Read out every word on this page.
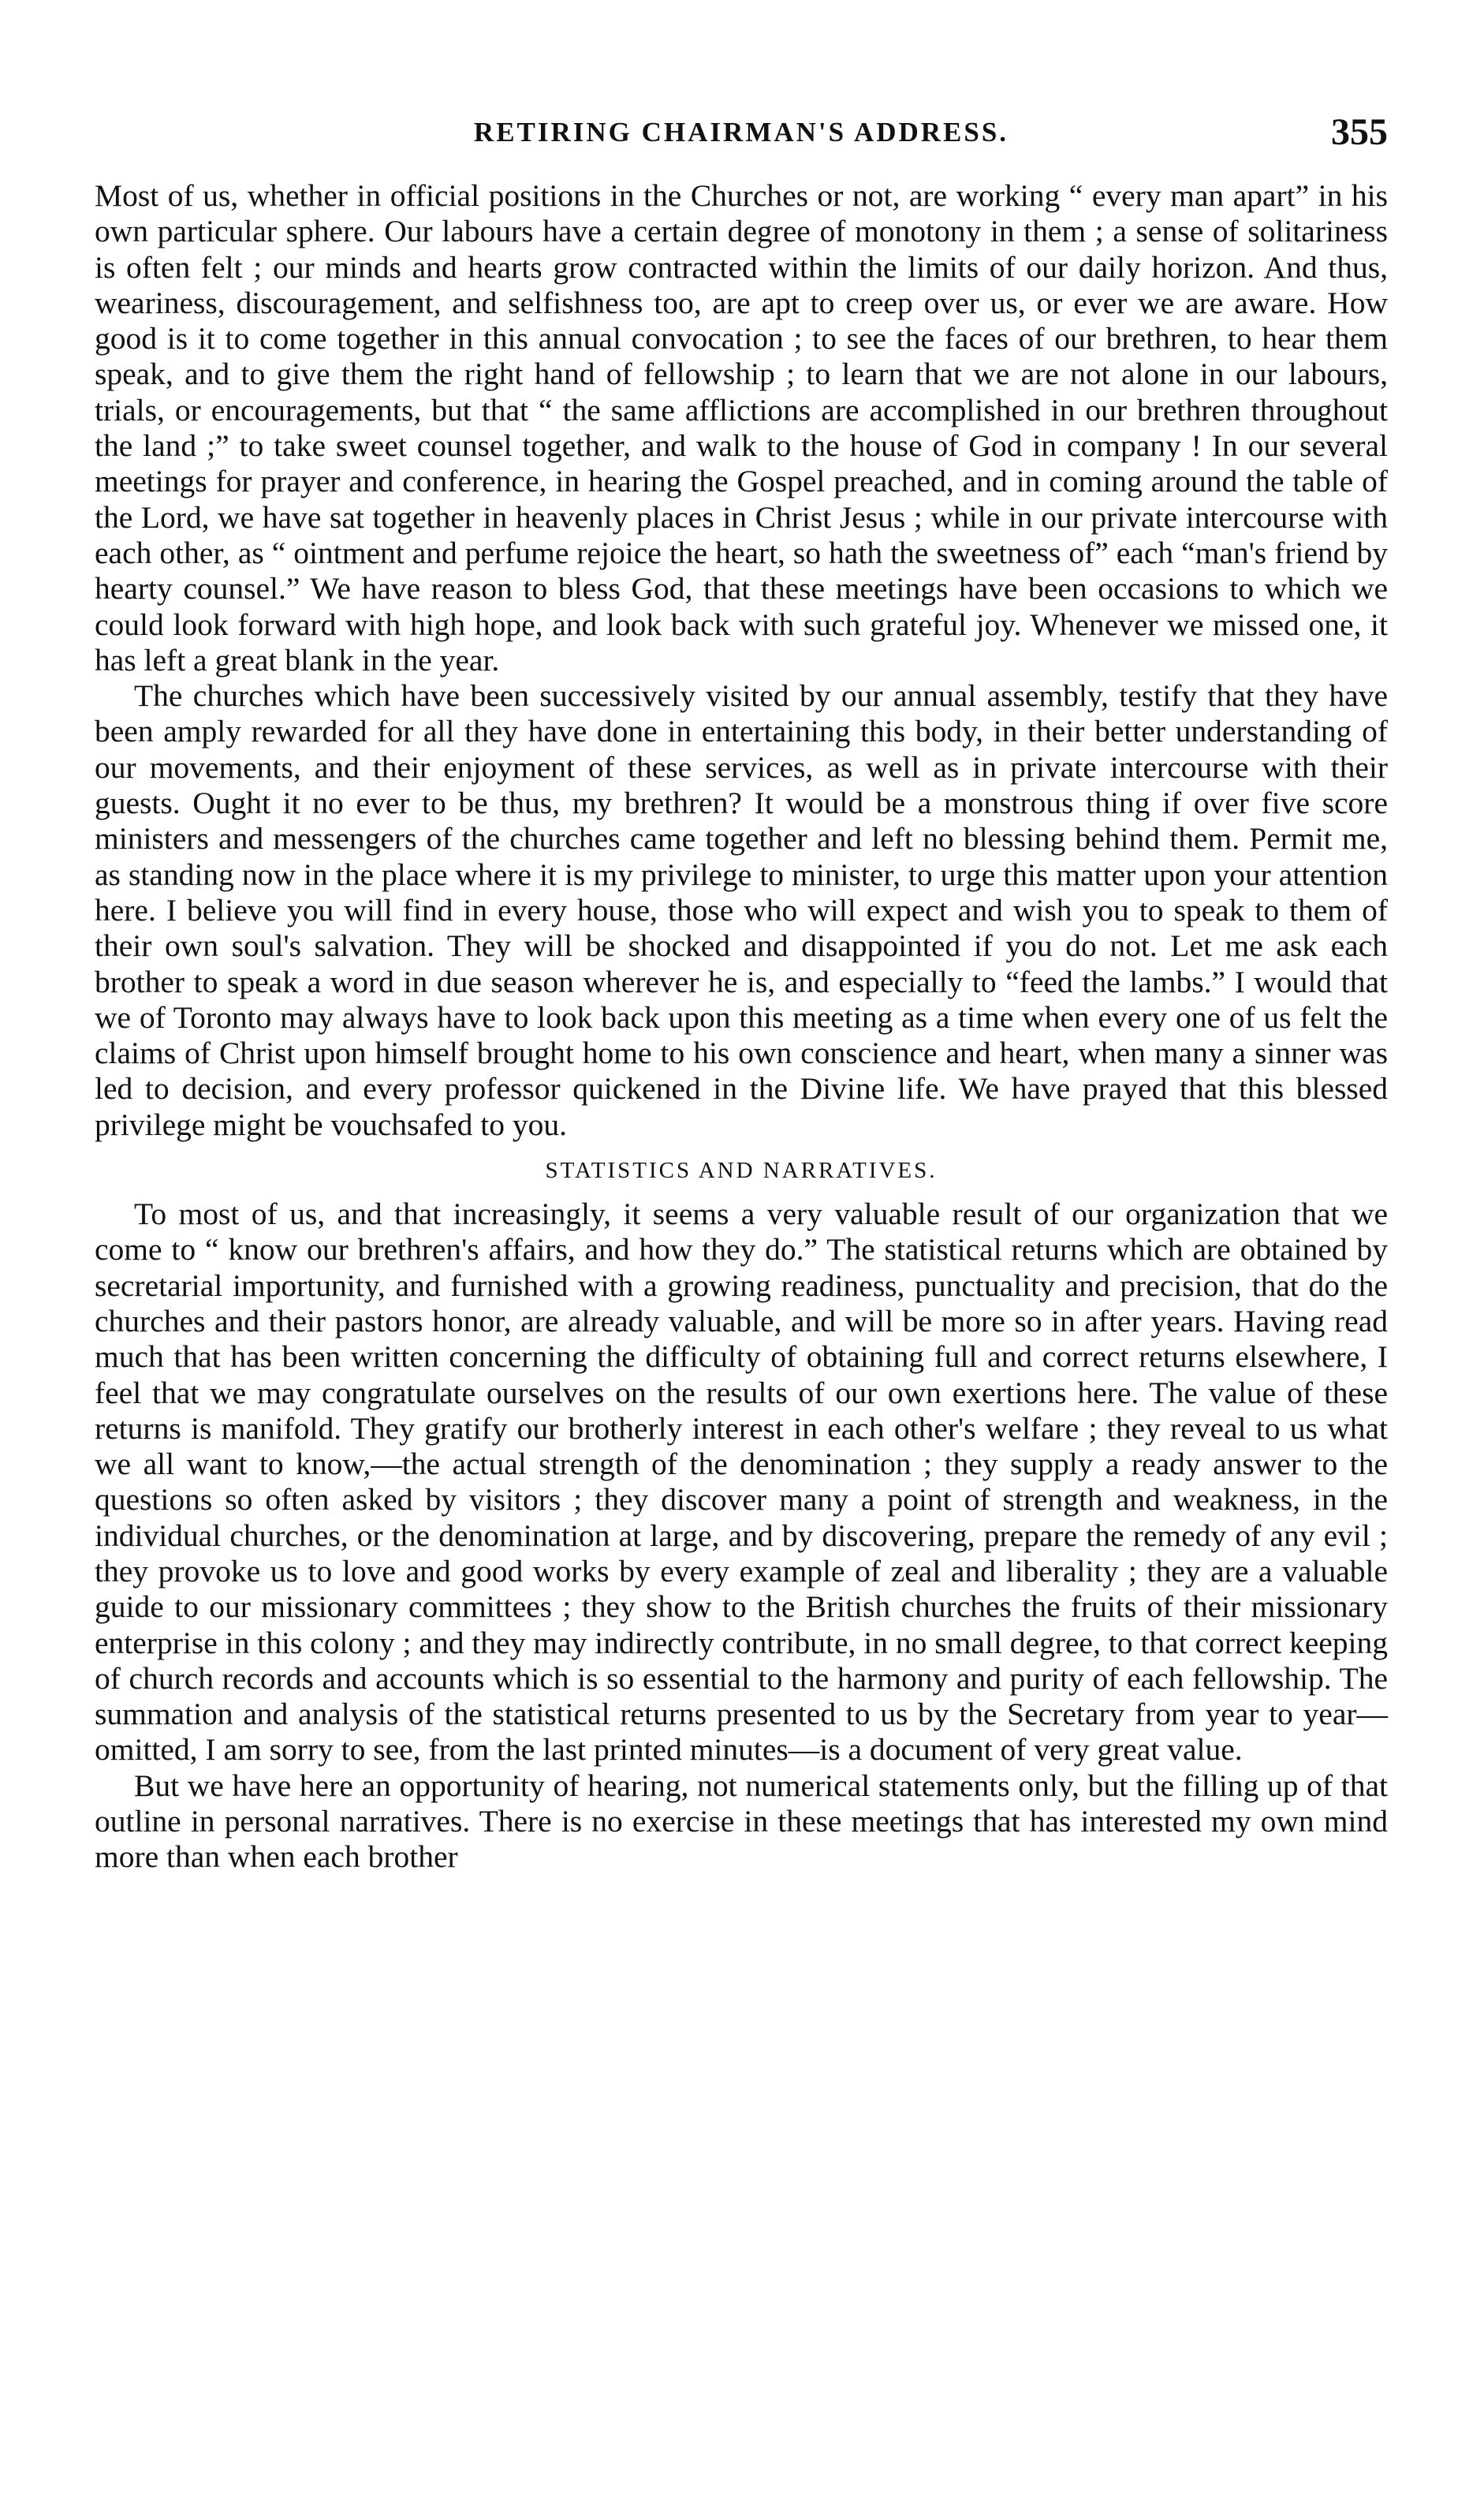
RETIRING CHAIRMAN'S ADDRESS.	355

Most of us, whether in official positions in the Churches or not, are working “ every man apart” in his own particular sphere. Our labours have a certain degree of monotony in them ; a sense of solitariness is often felt ; our minds and hearts grow contracted within the limits of our daily horizon. And thus, weariness, discouragement, and selfishness too, are apt to creep over us, or ever we are aware. How good is it to come together in this annual convocation ; to see the faces of our brethren, to hear them speak, and to give them the right hand of fellowship ; to learn that we are not alone in our labours, trials, or encouragements, but that “ the same afflictions are accomplished in our brethren throughout the land ;” to take sweet counsel together, and walk to the house of God in company ! In our several meetings for prayer and conference, in hearing the Gospel preached, and in coming around the table of the Lord, we have sat together in heavenly places in Christ Jesus ; while in our private intercourse with each other, as “ ointment and perfume rejoice the heart, so hath the sweetness of” each “man's friend by hearty counsel.” We have reason to bless God, that these meetings have been occasions to which we could look forward with high hope, and look back with such grateful joy. Whenever we missed one, it has left a great blank in the year.

The churches which have been successively visited by our annual assembly, testify that they have been amply rewarded for all they have done in entertaining this body, in their better understanding of our movements, and their enjoyment of these services, as well as in private intercourse with their guests. Ought it no ever to be thus, my brethren? It would be a monstrous thing if over five score ministers and messengers of the churches came together and left no blessing behind them. Permit me, as standing now in the place where it is my privilege to minister, to urge this matter upon your attention here. I believe you will find in every house, those who will expect and wish you to speak to them of their own soul's salvation. They will be shocked and disappointed if you do not. Let me ask each brother to speak a word in due season wherever he is, and especially to “feed the lambs.” I would that we of Toronto may always have to look back upon this meeting as a time when every one of us felt the claims of Christ upon himself brought home to his own conscience and heart, when many a sinner was led to decision, and every professor quickened in the Divine life. We have prayed that this blessed privilege might be vouchsafed to you.

STATISTICS AND NARRATIVES.

To most of us, and that increasingly, it seems a very valuable result of our organization that we come to “ know our brethren's affairs, and how they do.” The statistical returns which are obtained by secretarial importunity, and furnished with a growing readiness, punctuality and precision, that do the churches and their pastors honor, are already valuable, and will be more so in after years. Having read much that has been written concerning the difficulty of obtaining full and correct returns elsewhere, I feel that we may congratulate ourselves on the results of our own exertions here. The value of these returns is manifold. They gratify our brotherly interest in each other's welfare ; they reveal to us what we all want to know,—the actual strength of the denomination ; they supply a ready answer to the questions so often asked by visitors ; they discover many a point of strength and weakness, in the individual churches, or the denomination at large, and by discovering, prepare the remedy of any evil ; they provoke us to love and good works by every example of zeal and liberality ; they are a valuable guide to our missionary committees ; they show to the British churches the fruits of their missionary enterprise in this colony ; and they may indirectly contribute, in no small degree, to that correct keeping of church records and accounts which is so essential to the harmony and purity of each fellowship. The summation and analysis of the statistical returns presented to us by the Secretary from year to year—omitted, I am sorry to see, from the last printed minutes—is a document of very great value.

But we have here an opportunity of hearing, not numerical statements only, but the filling up of that outline in personal narratives. There is no exercise in these meetings that has interested my own mind more than when each brother
